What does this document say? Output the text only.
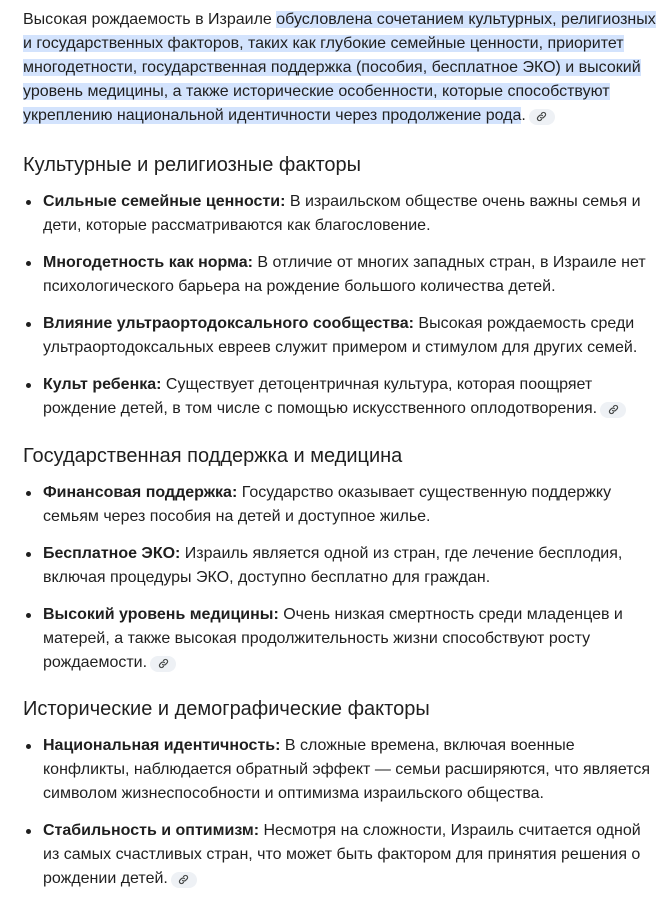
Высокая рождаемость в Израиле обусловлена сочетанием культурных, религиозных и государственных факторов, таких как глубокие семейные ценности, приоритет многодетности, государственная поддержка (пособия, бесплатное ЭКО) и высокий уровень медицины, а также исторические особенности, которые способствуют укреплению национальной идентичности через продолжение рода.

Культурные и религиозные факторы
Сильные семейные ценности: В израильском обществе очень важны семья и дети, которые рассматриваются как благословение.
Многодетность как норма: В отличие от многих западных стран, в Израиле нет психологического барьера на рождение большого количества детей.
Влияние ультраортодоксального сообщества: Высокая рождаемость среди ультраортодоксальных евреев служит примером и стимулом для других семей.
Культ ребенка: Существует детоцентричная культура, которая поощряет рождение детей, в том числе с помощью искусственного оплодотворения.
Государственная поддержка и медицина
Финансовая поддержка: Государство оказывает существенную поддержку семьям через пособия на детей и доступное жилье.
Бесплатное ЭКО: Израиль является одной из стран, где лечение бесплодия, включая процедуры ЭКО, доступно бесплатно для граждан.
Высокий уровень медицины: Очень низкая смертность среди младенцев и матерей, а также высокая продолжительность жизни способствуют росту рождаемости.
Исторические и демографические факторы
Национальная идентичность: В сложные времена, включая военные конфликты, наблюдается обратный эффект — семьи расширяются, что является символом жизнеспособности и оптимизма израильского общества.
Стабильность и оптимизм: Несмотря на сложности, Израиль считается одной из самых счастливых стран, что может быть фактором для принятия решения о рождении детей.
